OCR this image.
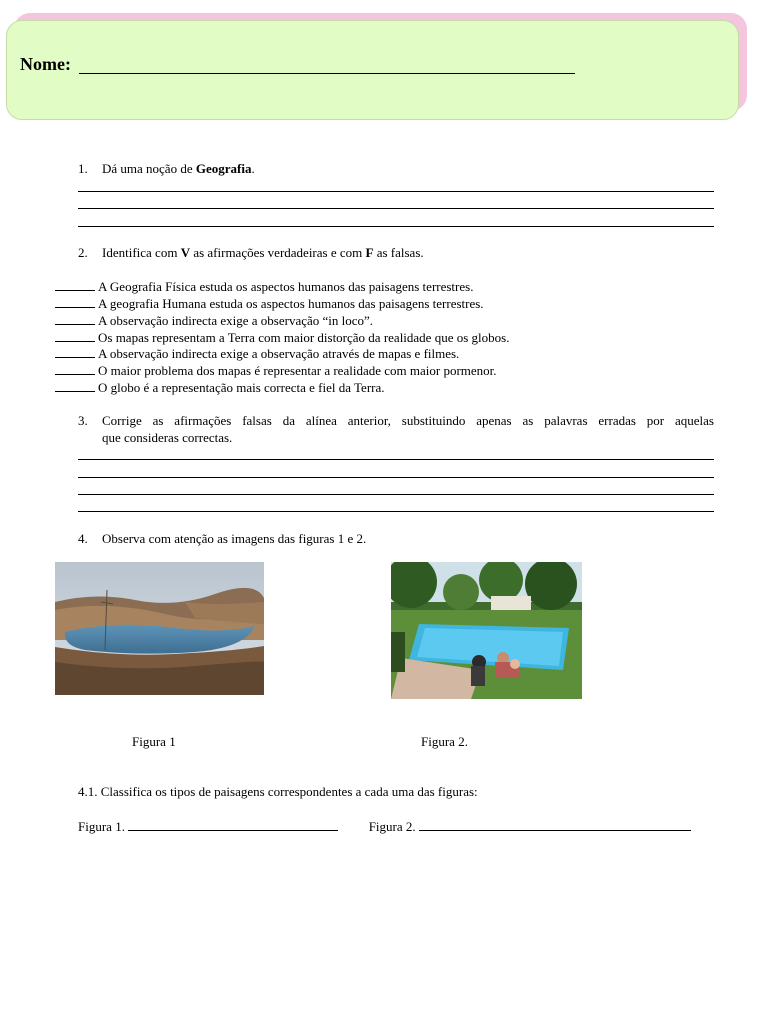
Nome:
1. Dá uma noção de Geografia.
2. Identifica com V as afirmações verdadeiras e com F as falsas.
A Geografia Física estuda os aspectos humanos das paisagens terrestres.
A geografia Humana estuda os aspectos humanos das paisagens terrestres.
A observação indirecta exige a observação “in loco”.
Os mapas representam a Terra com maior distorção da realidade que os globos.
A observação indirecta exige a observação através de mapas e filmes.
O maior problema dos mapas é representar a realidade com maior pormenor.
O globo é a representação mais correcta e fiel da Terra.
3. Corrige as afirmações falsas da alínea anterior, substituindo apenas as palavras erradas por aquelas
que consideras correctas.
4. Observa com atenção as imagens das figuras 1 e 2.
Figura 1	Figura 2.
4.1. Classifica os tipos de paisagens correspondentes a cada uma das figuras:
Figura 1.	Figura 2.
